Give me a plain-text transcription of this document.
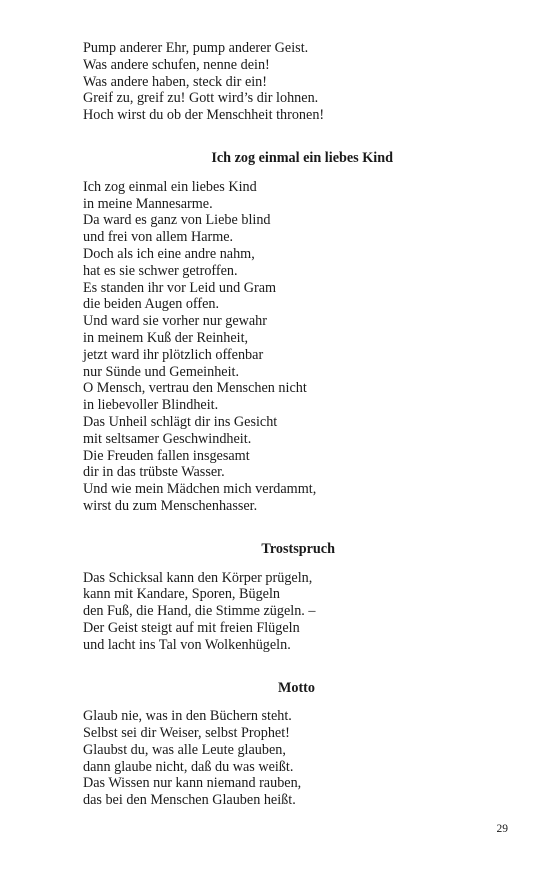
Pump anderer Ehr, pump anderer Geist.
Was andere schufen, nenne dein!
Was andere haben, steck dir ein!
Greif zu, greif zu! Gott wird’s dir lohnen.
Hoch wirst du ob der Menschheit thronen!
Ich zog einmal ein liebes Kind
Ich zog einmal ein liebes Kind
in meine Mannesarme.
Da ward es ganz von Liebe blind
und frei von allem Harme.
Doch als ich eine andre nahm,
hat es sie schwer getroffen.
Es standen ihr vor Leid und Gram
die beiden Augen offen.
Und ward sie vorher nur gewahr
in meinem Kuß der Reinheit,
jetzt ward ihr plötzlich offenbar
nur Sünde und Gemeinheit.
O Mensch, vertrau den Menschen nicht
in liebevoller Blindheit.
Das Unheil schlägt dir ins Gesicht
mit seltsamer Geschwindheit.
Die Freuden fallen insgesamt
dir in das trübste Wasser.
Und wie mein Mädchen mich verdammt,
wirst du zum Menschenhasser.
Trostspruch
Das Schicksal kann den Körper prügeln,
kann mit Kandare, Sporen, Bügeln
den Fuß, die Hand, die Stimme zügeln. –
Der Geist steigt auf mit freien Flügeln
und lacht ins Tal von Wolkenhügeln.
Motto
Glaub nie, was in den Büchern steht.
Selbst sei dir Weiser, selbst Prophet!
Glaubst du, was alle Leute glauben,
dann glaube nicht, daß du was weißt.
Das Wissen nur kann niemand rauben,
das bei den Menschen Glauben heißt.
29
